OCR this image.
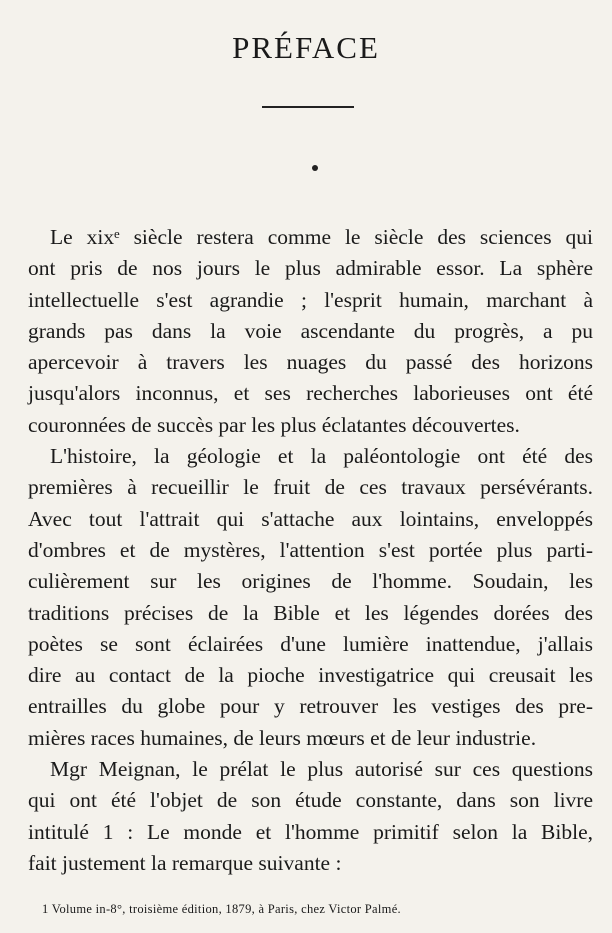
PRÉFACE
Le xixᵉ siècle restera comme le siècle des sciences qui
ont pris de nos jours le plus admirable essor. La sphère
intellectuelle s'est agrandie ; l'esprit humain, marchant à
grands pas dans la voie ascendante du progrès, a pu
apercevoir à travers les nuages du passé des horizons
jusqu'alors inconnus, et ses recherches laborieuses ont été
couronnées de succès par les plus éclatantes découvertes.
L'histoire, la géologie et la paléontologie ont été des
premières à recueillir le fruit de ces travaux persévérants.
Avec tout l'attrait qui s'attache aux lointains, enveloppés
d'ombres et de mystères, l'attention s'est portée plus parti-
culièrement sur les origines de l'homme. Soudain, les
traditions précises de la Bible et les légendes dorées des
poètes se sont éclairées d'une lumière inattendue, j'allais
dire au contact de la pioche investigatrice qui creusait les
entrailles du globe pour y retrouver les vestiges des pre-
mières races humaines, de leurs mœurs et de leur industrie.
Mgr Meignan, le prélat le plus autorisé sur ces questions
qui ont été l'objet de son étude constante, dans son livre
intitulé 1 : Le monde et l'homme primitif selon la Bible,
fait justement la remarque suivante :
1 Volume in-8°, troisième édition, 1879, à Paris, chez Victor Palmé.
